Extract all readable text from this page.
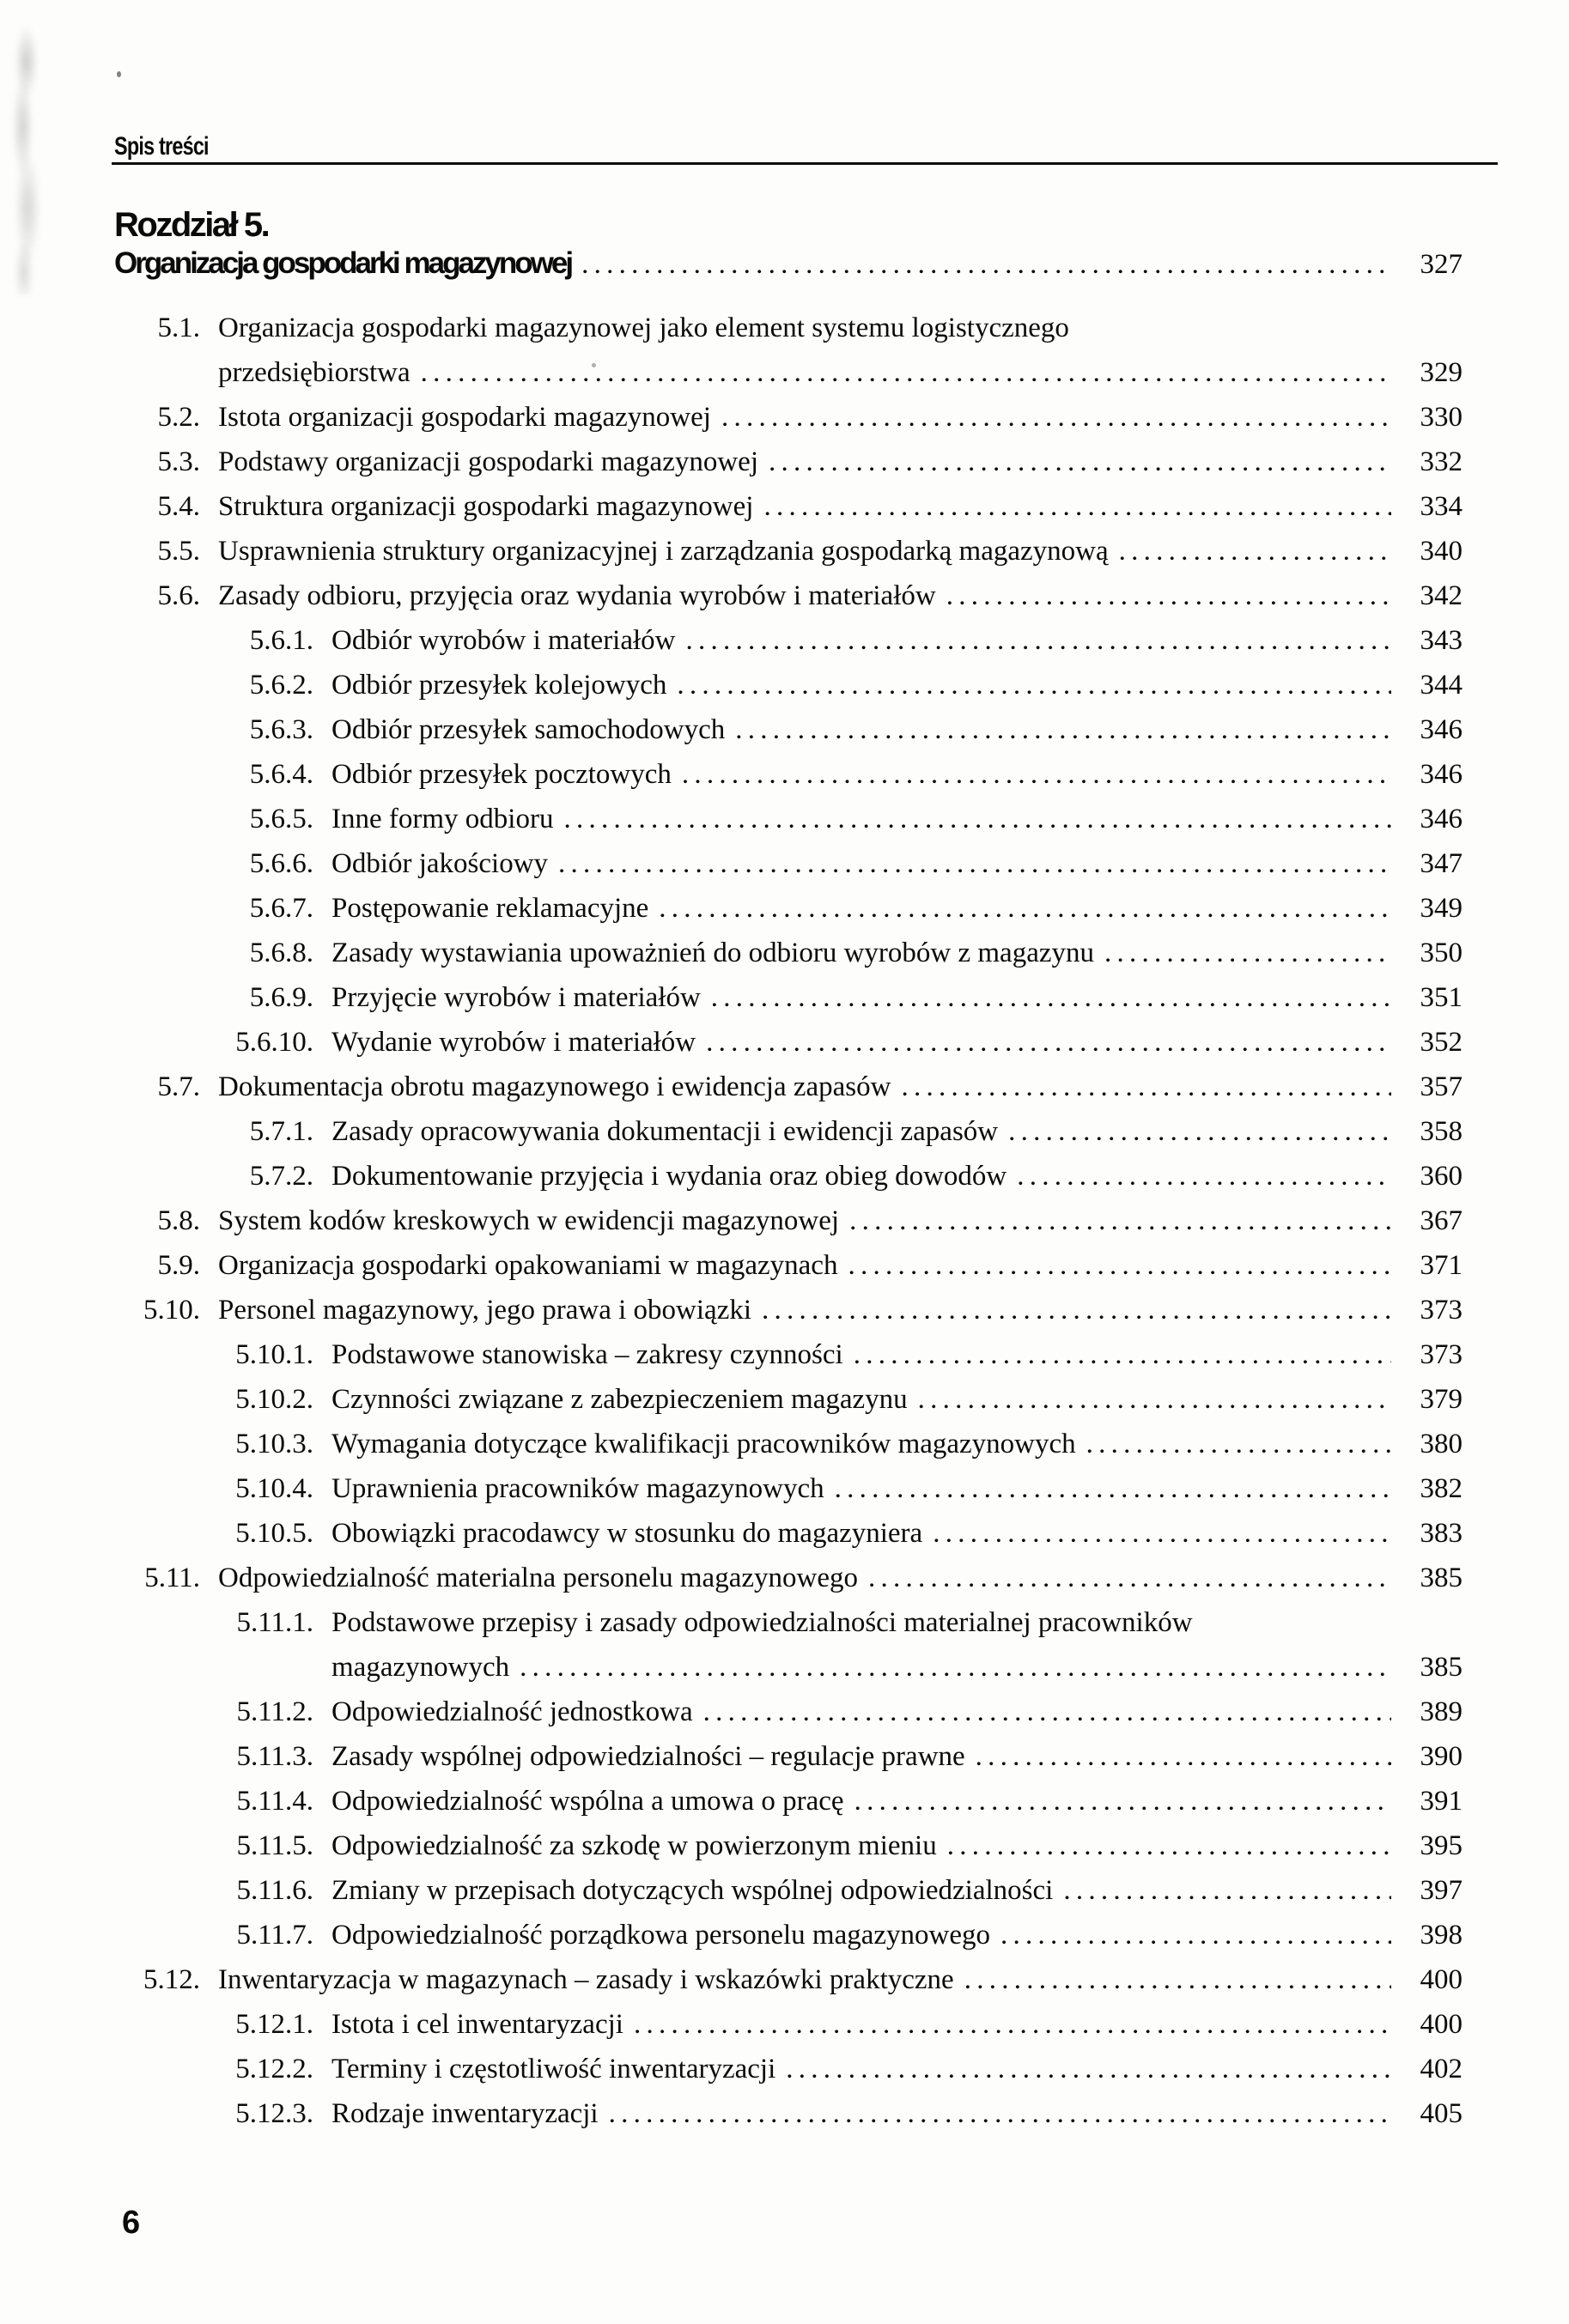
Spis treści
Rozdział 5.
Organizacja gospodarki magazynowej . . .	327
5.1. Organizacja gospodarki magazynowej jako element systemu logistycznego
przedsiębiorstwa . . .	329
5.2. Istota organizacji gospodarki magazynowej . . .	330
5.3. Podstawy organizacji gospodarki magazynowej . . .	332
5.4. Struktura organizacji gospodarki magazynowej . . .	334
5.5. Usprawnienia struktury organizacyjnej i zarządzania gospodarką magazynową . . .	340
5.6. Zasady odbioru, przyjęcia oraz wydania wyrobów i materiałów . . .	342
5.6.1. Odbiór wyrobów i materiałów . . .	343
5.6.2. Odbiór przesyłek kolejowych . . .	344
5.6.3. Odbiór przesyłek samochodowych . . .	346
5.6.4. Odbiór przesyłek pocztowych . . .	346
5.6.5. Inne formy odbioru . . .	346
5.6.6. Odbiór jakościowy . . .	347
5.6.7. Postępowanie reklamacyjne . . .	349
5.6.8. Zasady wystawiania upoważnień do odbioru wyrobów z magazynu . . .	350
5.6.9. Przyjęcie wyrobów i materiałów . . .	351
5.6.10. Wydanie wyrobów i materiałów . . .	352
5.7. Dokumentacja obrotu magazynowego i ewidencja zapasów . . .	357
5.7.1. Zasady opracowywania dokumentacji i ewidencji zapasów . . .	358
5.7.2. Dokumentowanie przyjęcia i wydania oraz obieg dowodów . . .	360
5.8. System kodów kreskowych w ewidencji magazynowej . . .	367
5.9. Organizacja gospodarki opakowaniami w magazynach . . .	371
5.10. Personel magazynowy, jego prawa i obowiązki . . .	373
5.10.1. Podstawowe stanowiska – zakresy czynności . . .	373
5.10.2. Czynności związane z zabezpieczeniem magazynu . . .	379
5.10.3. Wymagania dotyczące kwalifikacji pracowników magazynowych . . .	380
5.10.4. Uprawnienia pracowników magazynowych . . .	382
5.10.5. Obowiązki pracodawcy w stosunku do magazyniera . . .	383
5.11. Odpowiedzialność materialna personelu magazynowego . . .	385
5.11.1. Podstawowe przepisy i zasady odpowiedzialności materialnej pracowników
magazynowych . . .	385
5.11.2. Odpowiedzialność jednostkowa . . .	389
5.11.3. Zasady wspólnej odpowiedzialności – regulacje prawne . . .	390
5.11.4. Odpowiedzialność wspólna a umowa o pracę . . .	391
5.11.5. Odpowiedzialność za szkodę w powierzonym mieniu . . .	395
5.11.6. Zmiany w przepisach dotyczących wspólnej odpowiedzialności . . .	397
5.11.7. Odpowiedzialność porządkowa personelu magazynowego . . .	398
5.12. Inwentaryzacja w magazynach – zasady i wskazówki praktyczne . . .	400
5.12.1. Istota i cel inwentaryzacji . . .	400
5.12.2. Terminy i częstotliwość inwentaryzacji . . .	402
5.12.3. Rodzaje inwentaryzacji . . .	405
6
